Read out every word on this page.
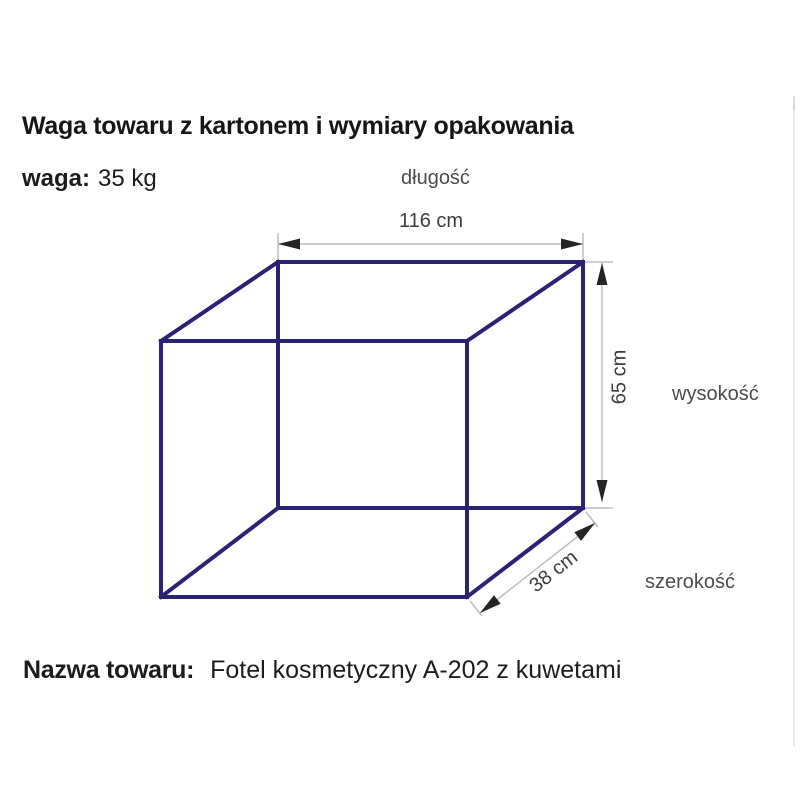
Waga towaru z kartonem i wymiary opakowania
waga: 35 kg	długość
116 cm
wysokość
65 cm
szerokość
38 cm
Nazwa towaru: Fotel kosmetyczny A-202 z kuwetami
